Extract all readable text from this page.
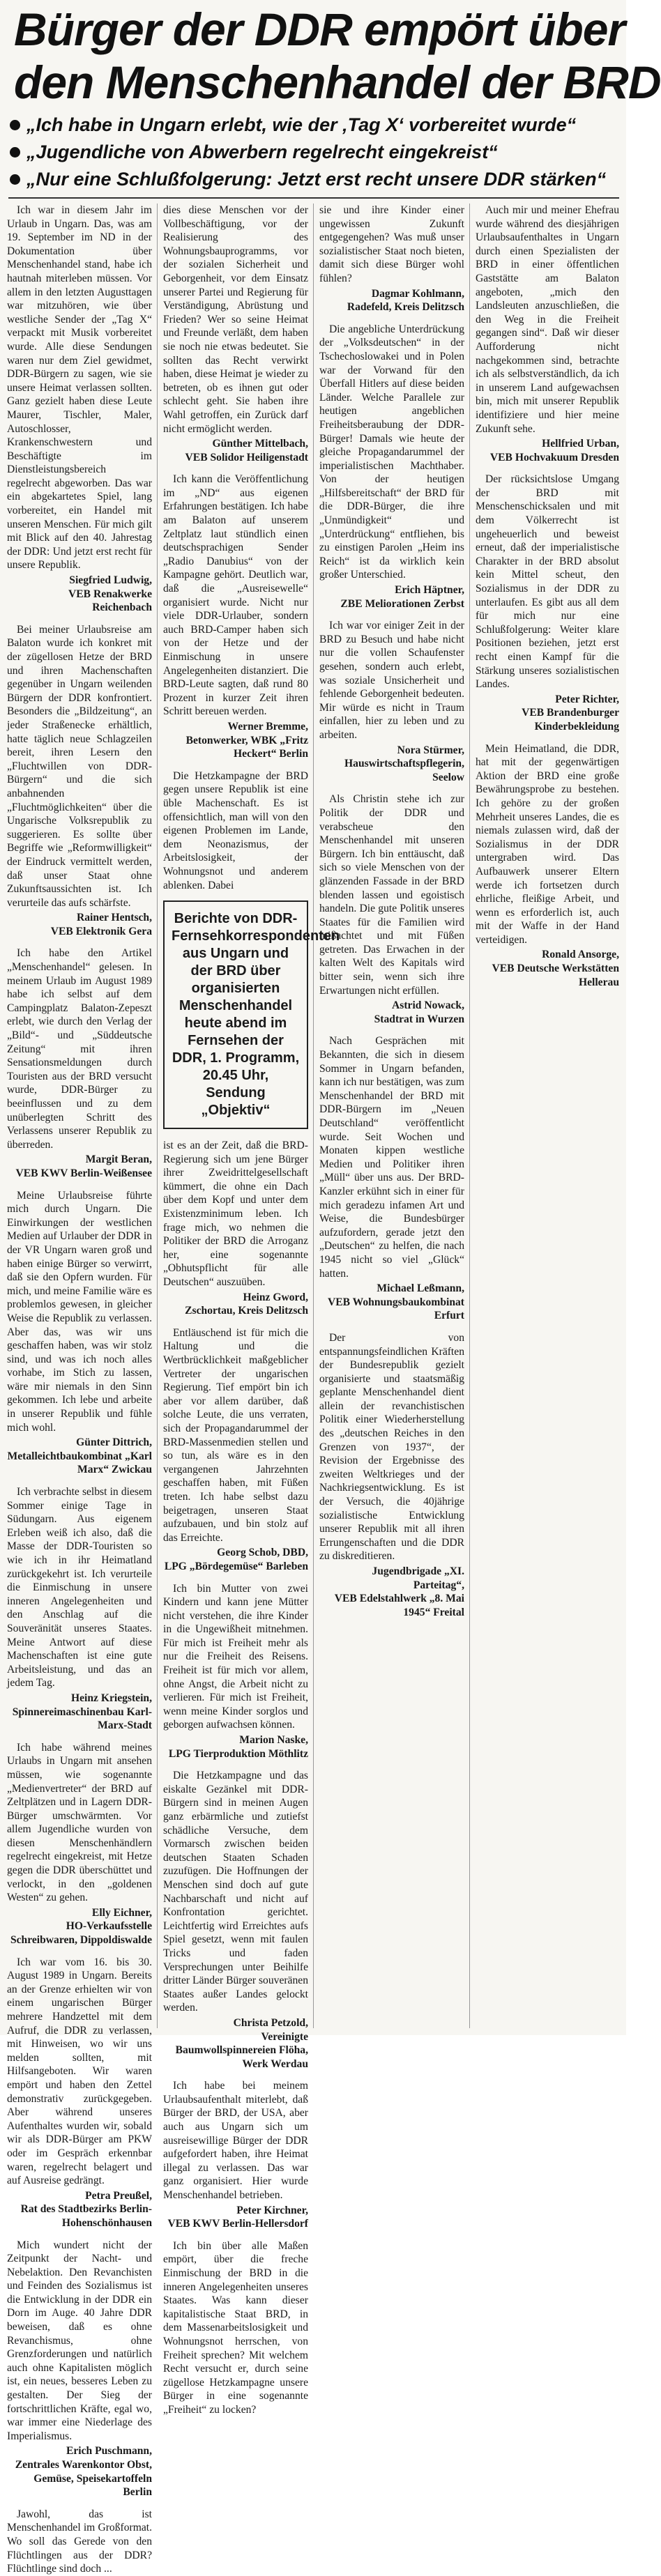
Bürger der DDR empört über
den Menschenhandel der BRD
„Ich habe in Ungarn erlebt, wie der ‚Tag X‘ vorbereitet wurde“
„Jugendliche von Abwerbern regelrecht eingekreist“
„Nur eine Schlußfolgerung: Jetzt erst recht unsere DDR stärken“

Ich war in diesem Jahr im Urlaub in Ungarn. Das, was am 19. September im ND in der Dokumentation über Menschenhandel stand, habe ich hautnah miterleben müssen. Vor allem in den letzten Augusttagen war mitzuhören, wie über westliche Sender der „Tag X“ verpackt mit Musik vorbereitet wurde. Alle diese Sendungen waren nur dem Ziel gewidmet, DDR-Bürgern zu sagen, wie sie unsere Heimat verlassen sollten. Ganz gezielt haben diese Leute Maurer, Tischler, Maler, Autoschlosser, Krankenschwestern und Beschäftigte im Dienstleistungsbereich regelrecht abgeworben. Das war ein abgekartetes Spiel, lang vorbereitet, ein Handel mit unseren Menschen. Für mich gilt mit Blick auf den 40. Jahrestag der DDR: Und jetzt erst recht für unsere Republik.

Siegfried Ludwig,

VEB Renakwerke Reichenbach

Bei meiner Urlaubsreise am Balaton wurde ich konkret mit der zügellosen Hetze der BRD und ihren Machenschaften gegenüber in Ungarn weilenden Bürgern der DDR konfrontiert. Besonders die „Bildzeitung“, an jeder Straßenecke erhältlich, hatte täglich neue Schlagzeilen bereit, ihren Lesern den „Fluchtwillen von DDR-Bürgern“ und die sich anbahnenden „Fluchtmöglichkeiten“ über die Ungarische Volksrepublik zu suggerieren. Es sollte über Begriffe wie „Reformwilligkeit“ der Eindruck vermittelt werden, daß unser Staat ohne Zukunftsaussichten ist. Ich verurteile das aufs schärfste.

Rainer Hentsch,

VEB Elektronik Gera

Ich habe den Artikel „Menschenhandel“ gelesen. In meinem Urlaub im August 1989 habe ich selbst auf dem Campingplatz Balaton-Zepeszt erlebt, wie durch den Verlag der „Bild“- und „Süddeutsche Zeitung“ mit ihren Sensationsmeldungen durch Touristen aus der BRD versucht wurde, DDR-Bürger zu beeinflussen und zu dem unüberlegten Schritt des Verlassens unserer Republik zu überreden.

Margit Beran,

VEB KWV Berlin-Weißensee

Meine Urlaubsreise führte mich durch Ungarn. Die Einwirkungen der westlichen Medien auf Urlauber der DDR in der VR Ungarn waren groß und haben einige Bürger so verwirrt, daß sie den Opfern wurden. Für mich, und meine Familie wäre es problemlos gewesen, in gleicher Weise die Republik zu verlassen. Aber das, was wir uns geschaffen haben, was wir stolz sind, und was ich noch alles vorhabe, im Stich zu lassen, wäre mir niemals in den Sinn gekommen. Ich lebe und arbeite in unserer Republik und fühle mich wohl.

Günter Dittrich,

Metalleichtbaukombinat „Karl Marx“ Zwickau

Ich verbrachte selbst in diesem Sommer einige Tage in Südungarn. Aus eigenem Erleben weiß ich also, daß die Masse der DDR-Touristen so wie ich in ihr Heimatland zurückgekehrt ist. Ich verurteile die Einmischung in unsere inneren Angelegenheiten und den Anschlag auf die Souveränität unseres Staates. Meine Antwort auf diese Machenschaften ist eine gute Arbeitsleistung, und das an jedem Tag.

Heinz Kriegstein,

Spinnereimaschinenbau Karl-Marx-Stadt

Ich habe während meines Urlaubs in Ungarn mit ansehen müssen, wie sogenannte „Medienvertreter“ der BRD auf Zeltplätzen und in Lagern DDR-Bürger umschwärmten. Vor allem Jugendliche wurden von diesen Menschenhändlern regelrecht eingekreist, mit Hetze gegen die DDR überschüttet und verlockt, in den „goldenen Westen“ zu gehen.

Elly Eichner,

HO-Verkaufsstelle Schreibwaren, Dippoldiswalde

Ich war vom 16. bis 30. August 1989 in Ungarn. Bereits an der Grenze erhielten wir von einem ungarischen Bürger mehrere Handzettel mit dem Aufruf, die DDR zu verlassen, mit Hinweisen, wo wir uns melden sollten, mit Hilfsangeboten. Wir waren empört und haben den Zettel demonstrativ zurückgegeben. Aber während unseres Aufenthaltes wurden wir, sobald wir als DDR-Bürger am PKW oder im Gespräch erkennbar waren, regelrecht belagert und auf Ausreise gedrängt.

Petra Preußel,

Rat des Stadtbezirks Berlin-Hohenschönhausen

Mich wundert nicht der Zeitpunkt der Nacht- und Nebelaktion. Den Revanchisten und Feinden des Sozialismus ist die Entwicklung in der DDR ein Dorn im Auge. 40 Jahre DDR beweisen, daß es ohne Revanchismus, ohne Grenzforderungen und natürlich auch ohne Kapitalisten möglich ist, ein neues, besseres Leben zu gestalten. Der Sieg der fortschrittlichen Kräfte, egal wo, war immer eine Niederlage des Imperialismus.

Erich Puschmann,

Zentrales Warenkontor Obst, Gemüse, Speisekartoffeln Berlin

Jawohl, das ist Menschenhandel im Großformat. Wo soll das Gerede von den Flüchtlingen aus der DDR? Flüchtlinge sind doch ...

dies diese Menschen vor der Vollbeschäftigung, vor der Realisierung des Wohnungsbauprogramms, vor der sozialen Sicherheit und Geborgenheit, vor dem Einsatz unserer Partei und Regierung für Verständigung, Abrüstung und Frieden? Wer so seine Heimat und Freunde verläßt, dem haben sie noch nie etwas bedeutet. Sie sollten das Recht verwirkt haben, diese Heimat je wieder zu betreten, ob es ihnen gut oder schlecht geht. Sie haben ihre Wahl getroffen, ein Zurück darf nicht ermöglicht werden.

Günther Mittelbach,

VEB Solidor Heiligenstadt

Ich kann die Veröffentlichung im „ND“ aus eigenen Erfahrungen bestätigen. Ich habe am Balaton auf unserem Zeltplatz laut stündlich einen deutschsprachigen Sender „Radio Danubius“ von der Kampagne gehört. Deutlich war, daß die „Ausreisewelle“ organisiert wurde. Nicht nur viele DDR-Urlauber, sondern auch BRD-Camper haben sich von der Hetze und der Einmischung in unsere Angelegenheiten distanziert. Die BRD-Leute sagten, daß rund 80 Prozent in kurzer Zeit ihren Schritt bereuen werden.

Werner Bremme,

Betonwerker, WBK „Fritz Heckert“ Berlin

Die Hetzkampagne der BRD gegen unsere Republik ist eine üble Machenschaft. Es ist offensichtlich, man will von den eigenen Problemen im Lande, dem Neonazismus, der Arbeitslosigkeit, der Wohnungsnot und anderem ablenken. Dabei

Berichte von DDR-Fernsehkorrespondenten aus Ungarn und der BRD über organisierten Menschenhandel heute abend im Fernsehen der DDR, 1. Programm, 20.45 Uhr, Sendung „Objektiv“

ist es an der Zeit, daß die BRD-Regierung sich um jene Bürger ihrer Zweidrittelgesellschaft kümmert, die ohne ein Dach über dem Kopf und unter dem Existenzminimum leben. Ich frage mich, wo nehmen die Politiker der BRD die Arroganz her, eine sogenannte „Obhutspflicht für alle Deutschen“ auszuüben.

Heinz Gword,

Zschortau, Kreis Delitzsch

Entläuschend ist für mich die Haltung und die Wertbrücklichkeit maßgeblicher Vertreter der ungarischen Regierung. Tief empört bin ich aber vor allem darüber, daß solche Leute, die uns verraten, sich der Propagandarummel der BRD-Massenmedien stellen und so tun, als wäre es in den vergangenen Jahrzehnten geschaffen haben, mit Füßen treten. Ich habe selbst dazu beigetragen, unseren Staat aufzubauen, und bin stolz auf das Erreichte.

Georg Schob, DBD,

LPG „Bördegemüse“ Barleben

Ich bin Mutter von zwei Kindern und kann jene Mütter nicht verstehen, die ihre Kinder in die Ungewißheit mitnehmen. Für mich ist Freiheit mehr als nur die Freiheit des Reisens. Freiheit ist für mich vor allem, ohne Angst, die Arbeit nicht zu verlieren. Für mich ist Freiheit, wenn meine Kinder sorglos und geborgen aufwachsen können.

Marion Naske,

LPG Tierproduktion Möthlitz

Die Hetzkampagne und das eiskalte Gezänkel mit DDR-Bürgern sind in meinen Augen ganz erbärmliche und zutiefst schädliche Versuche, dem Vormarsch zwischen beiden deutschen Staaten Schaden zuzufügen. Die Hoffnungen der Menschen sind doch auf gute Nachbarschaft und nicht auf Konfrontation gerichtet. Leichtfertig wird Erreichtes aufs Spiel gesetzt, wenn mit faulen Tricks und faden Versprechungen unter Beihilfe dritter Länder Bürger souveränen Staates außer Landes gelockt werden.

Christa Petzold,

Vereinigte Baumwollspinnereien Flöha, Werk Werdau

Ich habe bei meinem Urlaubsaufenthalt miterlebt, daß Bürger der BRD, der USA, aber auch aus Ungarn sich um ausreisewillige Bürger der DDR aufgefordert haben, ihre Heimat illegal zu verlassen. Das war ganz organisiert. Hier wurde Menschenhandel betrieben.

Peter Kirchner,

VEB KWV Berlin-Hellersdorf

Ich bin über alle Maßen empört, über die freche Einmischung der BRD in die inneren Angelegenheiten unseres Staates. Was kann dieser kapitalistische Staat BRD, in dem Massenarbeitslosigkeit und Wohnungsnot herrschen, von Freiheit sprechen? Mit welchem Recht versucht er, durch seine zügellose Hetzkampagne unsere Bürger in eine sogenannte „Freiheit“ zu locken?

sie und ihre Kinder einer ungewissen Zukunft entgegengehen? Was muß unser sozialistischer Staat noch bieten, damit sich diese Bürger wohl fühlen?

Dagmar Kohlmann,

Radefeld, Kreis Delitzsch

Die angebliche Unterdrückung der „Volksdeutschen“ in der Tschechoslowakei und in Polen war der Vorwand für den Überfall Hitlers auf diese beiden Länder. Welche Parallele zur heutigen angeblichen Freiheitsberaubung der DDR-Bürger! Damals wie heute der gleiche Propagandarummel der imperialistischen Machthaber. Von der heutigen „Hilfsbereitschaft“ der BRD für die DDR-Bürger, die ihre „Unmündigkeit“ und „Unterdrückung“ entfliehen, bis zu einstigen Parolen „Heim ins Reich“ ist da wirklich kein großer Unterschied.

Erich Häptner,

ZBE Meliorationen Zerbst

Ich war vor einiger Zeit in der BRD zu Besuch und habe nicht nur die vollen Schaufenster gesehen, sondern auch erlebt, was soziale Unsicherheit und fehlende Geborgenheit bedeuten. Mir würde es nicht in Traum einfallen, hier zu leben und zu arbeiten.

Nora Stürmer,

Hauswirtschaftspflegerin, Seelow

Als Christin stehe ich zur Politik der DDR und verabscheue den Menschenhandel mit unseren Bürgern. Ich bin enttäuscht, daß sich so viele Menschen von der glänzenden Fassade in der BRD blenden lassen und egoistisch handeln. Die gute Politik unseres Staates für die Familien wird mißachtet und mit Füßen getreten. Das Erwachen in der kalten Welt des Kapitals wird bitter sein, wenn sich ihre Erwartungen nicht erfüllen.

Astrid Nowack,

Stadtrat in Wurzen

Nach Gesprächen mit Bekannten, die sich in diesem Sommer in Ungarn befanden, kann ich nur bestätigen, was zum Menschenhandel der BRD mit DDR-Bürgern im „Neuen Deutschland“ veröffentlicht wurde. Seit Wochen und Monaten kippen westliche Medien und Politiker ihren „Müll“ über uns aus. Der BRD-Kanzler erkühnt sich in einer für mich geradezu infamen Art und Weise, die Bundesbürger aufzufordern, gerade jetzt den „Deutschen“ zu helfen, die nach 1945 nicht so viel „Glück“ hatten.

Michael Leßmann,

VEB Wohnungsbaukombinat Erfurt

Der von entspannungsfeindlichen Kräften der Bundesrepublik gezielt organisierte und staatsmäßig geplante Menschenhandel dient allein der revanchistischen Politik einer Wiederherstellung des „deutschen Reiches in den Grenzen von 1937“, der Revision der Ergebnisse des zweiten Weltkrieges und der Nachkriegsentwicklung. Es ist der Versuch, die 40jährige sozialistische Entwicklung unserer Republik mit all ihren Errungenschaften und die DDR zu diskreditieren.

Jugendbrigade „XI. Parteitag“,

VEB Edelstahlwerk „8. Mai 1945“ Freital

Auch mir und meiner Ehefrau wurde während des diesjährigen Urlaubsaufenthaltes in Ungarn durch einen Spezialisten der BRD in einer öffentlichen Gaststätte am Balaton angeboten, „mich den Landsleuten anzuschließen, die den Weg in die Freiheit gegangen sind“. Daß wir dieser Aufforderung nicht nachgekommen sind, betrachte ich als selbstverständlich, da ich in unserem Land aufgewachsen bin, mich mit unserer Republik identifiziere und hier meine Zukunft sehe.

Hellfried Urban,

VEB Hochvakuum Dresden

Der rücksichtslose Umgang der BRD mit Menschenschicksalen und mit dem Völkerrecht ist ungeheuerlich und beweist erneut, daß der imperialistische Charakter in der BRD absolut kein Mittel scheut, den Sozialismus in der DDR zu unterlaufen. Es gibt aus all dem für mich nur eine Schlußfolgerung: Weiter klare Positionen beziehen, jetzt erst recht einen Kampf für die Stärkung unseres sozialistischen Landes.

Peter Richter,

VEB Brandenburger Kinderbekleidung

Mein Heimatland, die DDR, hat mit der gegenwärtigen Aktion der BRD eine große Bewährungsprobe zu bestehen. Ich gehöre zu der großen Mehrheit unseres Landes, die es niemals zulassen wird, daß der Sozialismus in der DDR untergraben wird. Das Aufbauwerk unserer Eltern werde ich fortsetzen durch ehrliche, fleißige Arbeit, und wenn es erforderlich ist, auch mit der Waffe in der Hand verteidigen.

Ronald Ansorge,

VEB Deutsche Werkstätten Hellerau
